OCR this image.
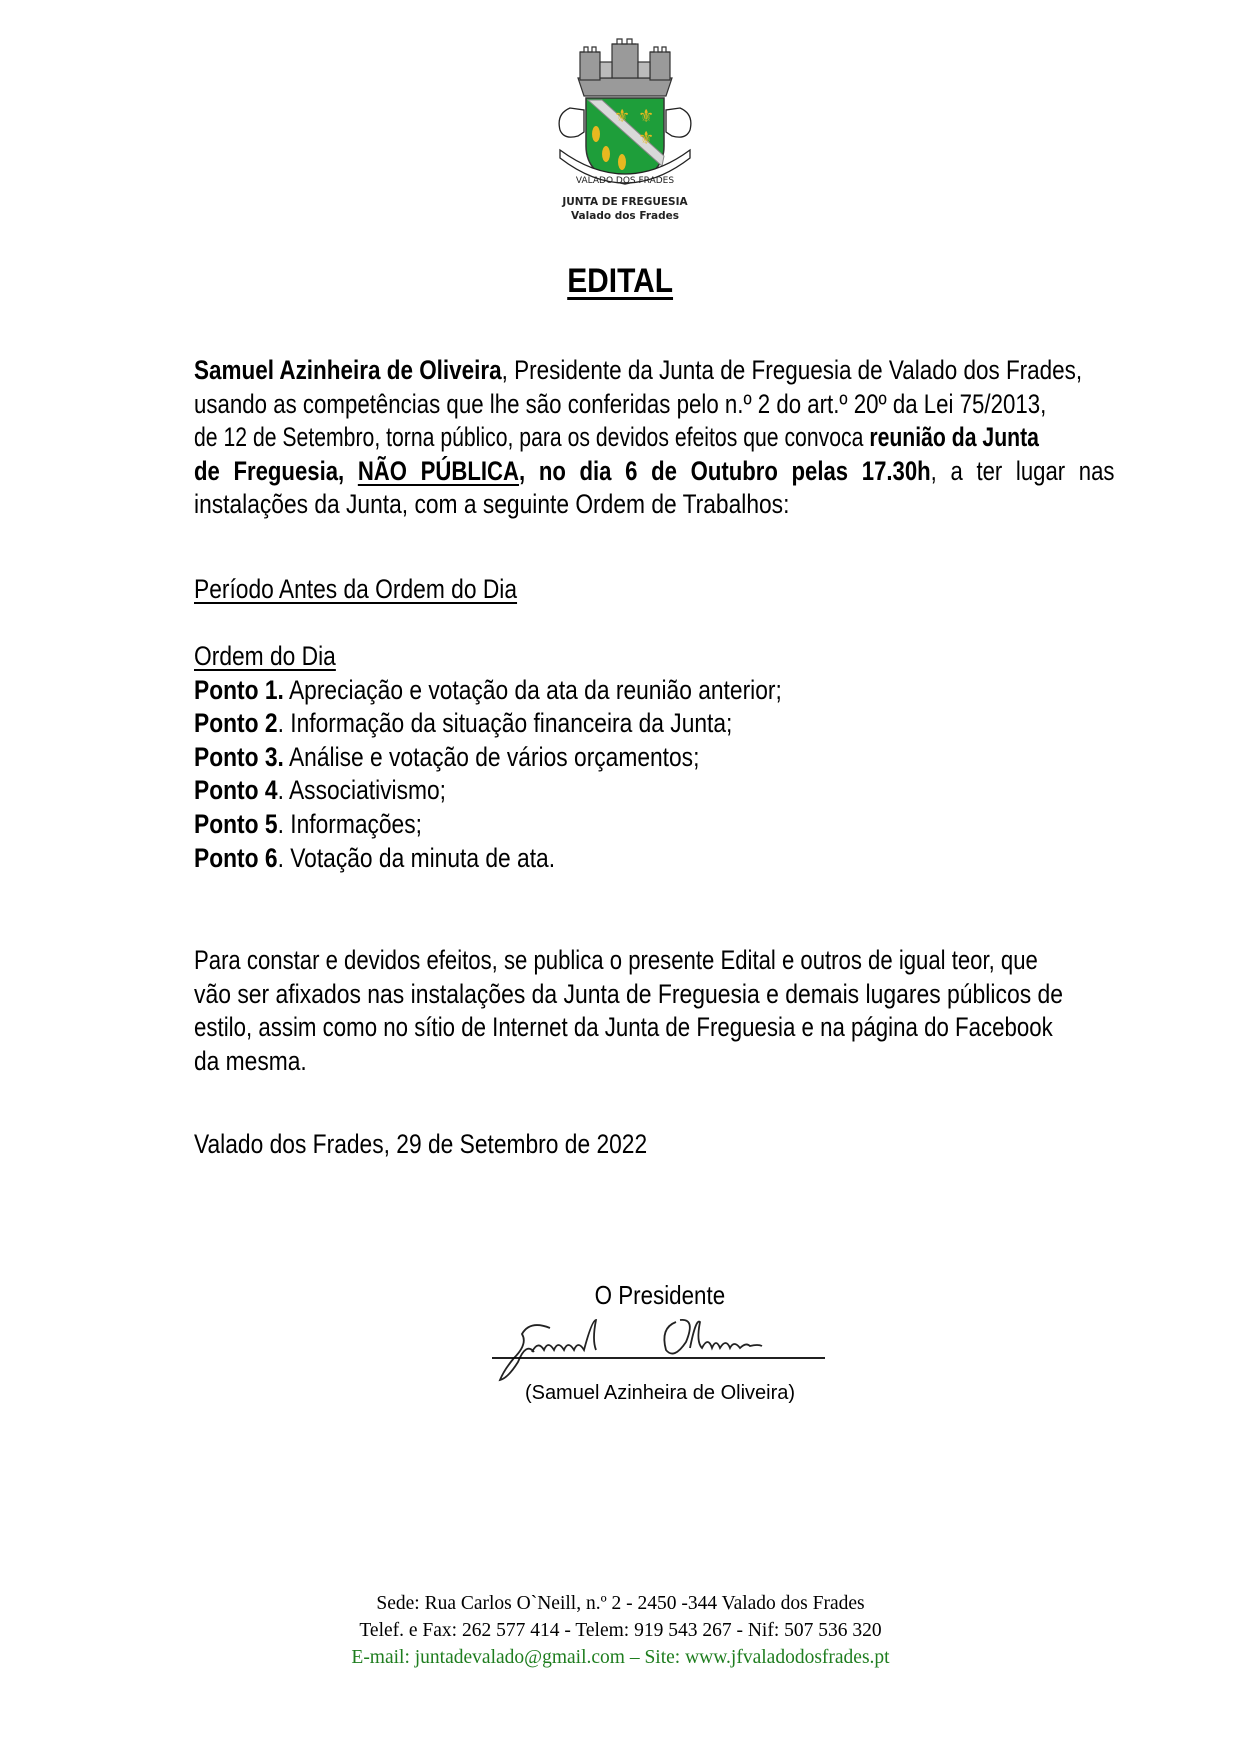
⚜ ⚜
⚜
VALADO DOS FRADES
JUNTA DE FREGUESIA
Valado dos Frades
EDITAL
Samuel Azinheira de Oliveira, Presidente da Junta de Freguesia de Valado dos Frades,
usando as competências que lhe são conferidas pelo n.º 2 do art.º 20º da Lei 75/2013,
de 12 de Setembro, torna público, para os devidos efeitos que convoca reunião da Junta
de Freguesia, NÃO PÚBLICA, no dia 6 de Outubro pelas 17.30h, a ter lugar nas
instalações da Junta, com a seguinte Ordem de Trabalhos:
Período Antes da Ordem do Dia
Ordem do Dia
Ponto 1. Apreciação e votação da ata da reunião anterior;
Ponto 2. Informação da situação financeira da Junta;
Ponto 3. Análise e votação de vários orçamentos;
Ponto 4. Associativismo;
Ponto 5. Informações;
Ponto 6. Votação da minuta de ata.
Para constar e devidos efeitos, se publica o presente Edital e outros de igual teor, que
vão ser afixados nas instalações da Junta de Freguesia e demais lugares públicos de
estilo, assim como no sítio de Internet da Junta de Freguesia e na página do Facebook
da mesma.
Valado dos Frades, 29 de Setembro de 2022
O Presidente
(Samuel Azinheira de Oliveira)
Sede: Rua Carlos O`Neill, n.º 2 - 2450 -344 Valado dos Frades
Telef. e Fax: 262 577 414 - Telem: 919 543 267 - Nif: 507 536 320
E-mail: juntadevalado@gmail.com – Site: www.jfvaladodosfrades.pt
